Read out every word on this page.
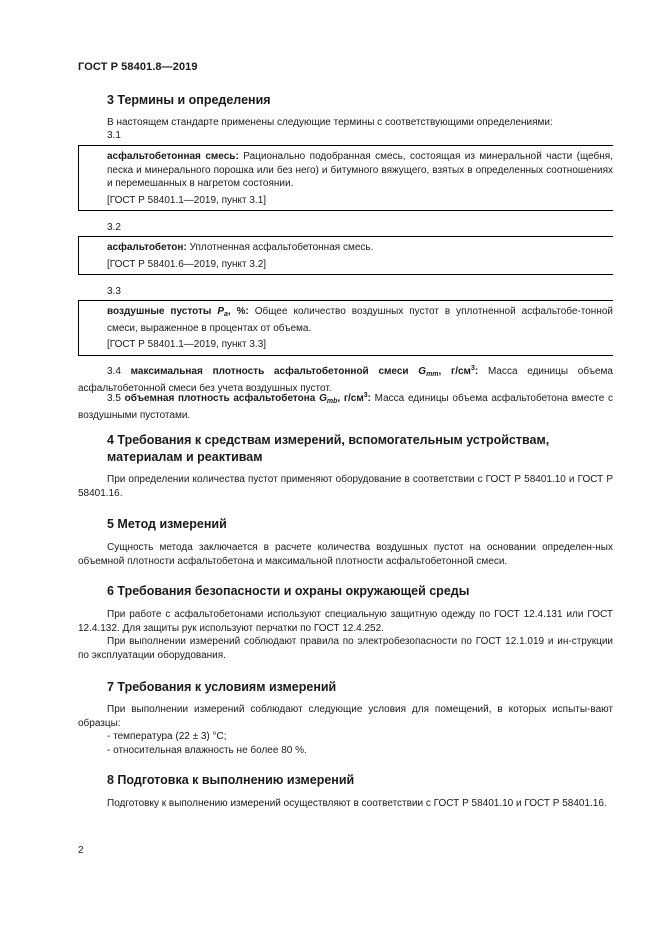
ГОСТ Р 58401.8—2019
3 Термины и определения
В настоящем стандарте применены следующие термины с соответствующими определениями:
3.1
асфальтобетонная смесь: Рационально подобранная смесь, состоящая из минеральной части (щебня, песка и минерального порошка или без него) и битумного вяжущего, взятых в определенных соотношениях и перемешанных в нагретом состоянии.
[ГОСТ Р 58401.1—2019, пункт 3.1]
3.2
асфальтобетон: Уплотненная асфальтобетонная смесь.
[ГОСТ Р 58401.6—2019, пункт 3.2]
3.3
воздушные пустоты $P_a$, %: Общее количество воздушных пустот в уплотненной асфальтобе-тонной смеси, выраженное в процентах от объема.
[ГОСТ Р 58401.1—2019, пункт 3.3]
3.4 максимальная плотность асфальтобетонной смеси $G_{mm}$, $г/см^3$: Масса единицы объема асфальтобетонной смеси без учета воздушных пустот.
3.5 объемная плотность асфальтобетона $G_{mb}$, $г/см^3$: Масса единицы объема асфальтобетона вместе с воздушными пустотами.
4 Требования к средствам измерений, вспомогательным устройствам, материалам и реактивам
При определении количества пустот применяют оборудование в соответствии с ГОСТ Р 58401.10 и ГОСТ Р 58401.16.
5 Метод измерений
Сущность метода заключается в расчете количества воздушных пустот на основании определен-ных объемной плотности асфальтобетона и максимальной плотности асфальтобетонной смеси.
6 Требования безопасности и охраны окружающей среды
При работе с асфальтобетонами используют специальную защитную одежду по ГОСТ 12.4.131 или ГОСТ 12.4.132. Для защиты рук используют перчатки по ГОСТ 12.4.252.
При выполнении измерений соблюдают правила по электробезопасности по ГОСТ 12.1.019 и ин-струкции по эксплуатации оборудования.
7 Требования к условиям измерений
При выполнении измерений соблюдают следующие условия для помещений, в которых испыты-вают образцы:
- температура (22 ± 3) °С;
- относительная влажность не более 80 %.
8 Подготовка к выполнению измерений
Подготовку к выполнению измерений осуществляют в соответствии с ГОСТ Р 58401.10 и ГОСТ Р 58401.16.
2
